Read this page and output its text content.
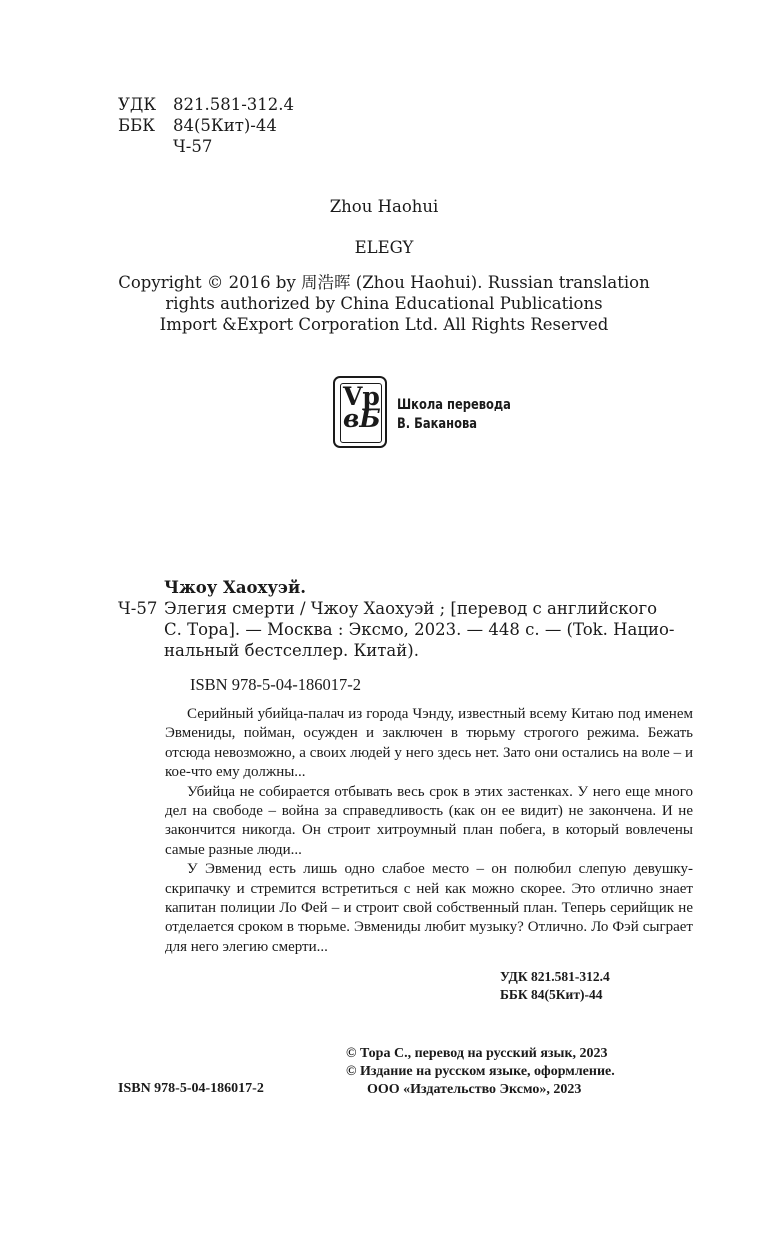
УДК	821.581-312.4
ББК	84(5Кит)-44
Ч-57
Zhou Haohui
ELEGY
Copyright © 2016 by 周浩晖 (Zhou Haohui). Russian translation
rights authorized by China Educational Publications
Import &Export Corporation Ltd. All Rights Reserved
Vр
вБ Школа перевода
В. Баканова
Чжоу Хаохуэй.
Ч-57 Элегия смерти / Чжоу Хаохуэй ; [перевод с английского
С. Тора]. — Москва : Эксмо, 2023. — 448 с. — (Tok. Нацио-
нальный бестселлер. Китай).
ISBN 978-5-04-186017-2

Серийный убийца-палач из города Чэнду, известный всему Китаю под именем Эвмениды, пойман, осужден и заключен в тюрьму строгого режима. Бежать отсюда невозможно, а своих людей у него здесь нет. Зато они остались на воле – и кое-что ему должны...

Убийца не собирается отбывать весь срок в этих застенках. У него еще много дел на свободе – война за справедливость (как он ее видит) не закончена. И не закончится никогда. Он строит хитроумный план побега, в который вовлечены самые разные люди...

У Эвменид есть лишь одно слабое место – он полюбил слепую девушку-скрипачку и стремится встретиться с ней как можно скорее. Это отлично знает капитан полиции Ло Фей – и строит свой собственный план. Теперь серийщик не отделается сроком в тюрьме. Эвмениды любит музыку? Отлично. Ло Фэй сыграет для него элегию смерти...

УДК 821.581-312.4
ББК 84(5Кит)-44
© Тора С., перевод на русский язык, 2023
© Издание на русском языке, оформление.
ООО «Издательство Эксмо», 2023
ISBN 978-5-04-186017-2
